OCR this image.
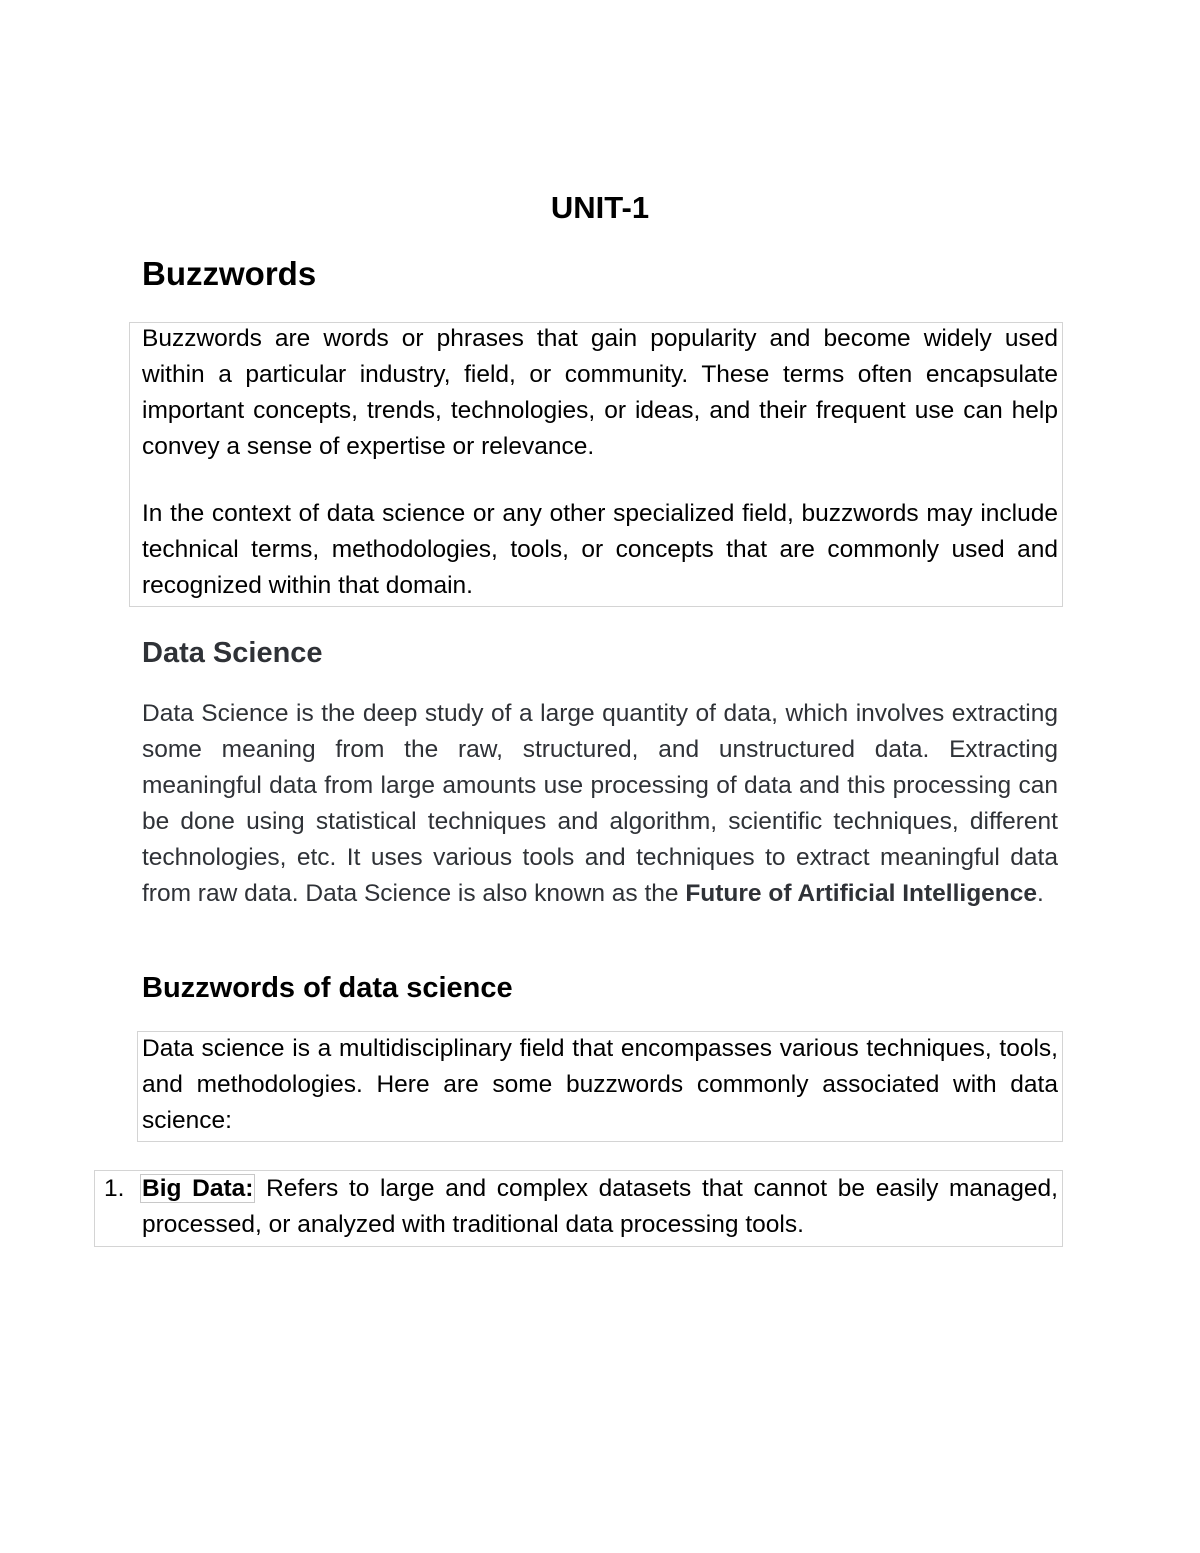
UNIT-1
Buzzwords

Buzzwords are words or phrases that gain popularity and become widely used within a particular industry, field, or community. These terms often encapsulate important concepts, trends, technologies, or ideas, and their frequent use can help convey a sense of expertise or relevance.

In the context of data science or any other specialized field, buzzwords may include technical terms, methodologies, tools, or concepts that are commonly used and recognized within that domain.

Data Science

Data Science is the deep study of a large quantity of data, which involves extracting some meaning from the raw, structured, and unstructured data. Extracting meaningful data from large amounts use processing of data and this processing can be done using statistical techniques and algorithm, scientific techniques, different technologies, etc. It uses various tools and techniques to extract meaningful data from raw data. Data Science is also known as the Future of Artificial Intelligence.

Buzzwords of data science

Data science is a multidisciplinary field that encompasses various techniques, tools, and methodologies. Here are some buzzwords commonly associated with data science:

1. Big Data: Refers to large and complex datasets that cannot be easily managed, processed, or analyzed with traditional data processing tools.
